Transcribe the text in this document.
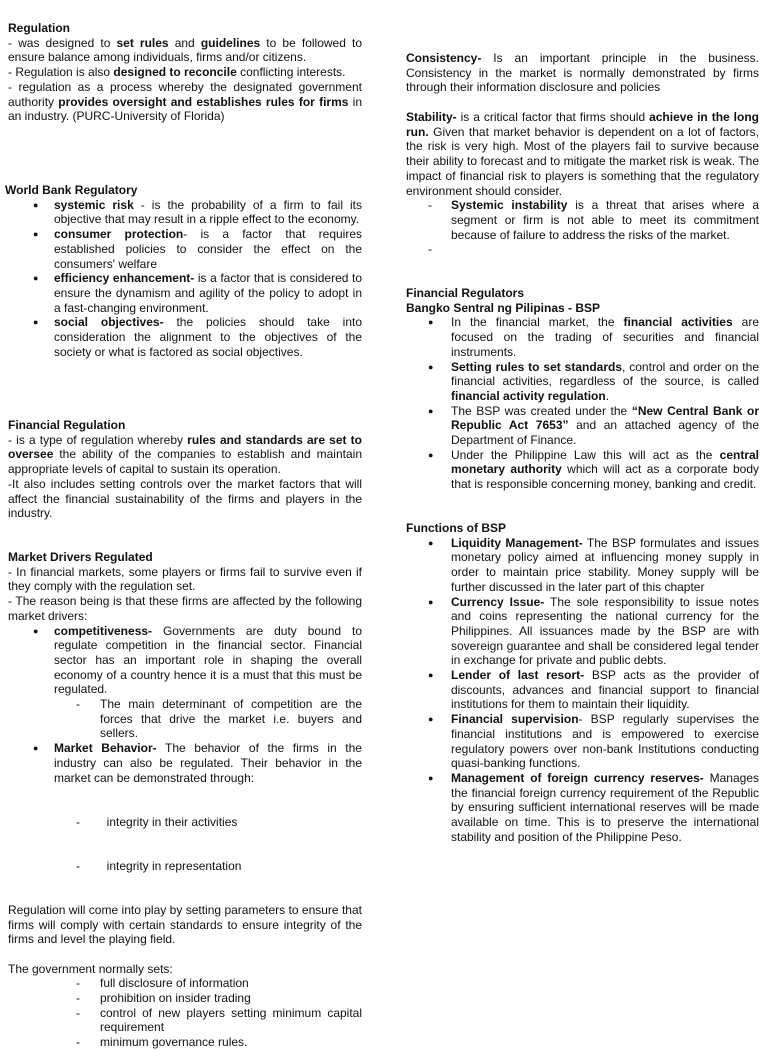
Regulation

- was designed to set rules and guidelines to be followed to ensure balance among individuals, firms and/or citizens.

- Regulation is also designed to reconcile conflicting interests.

- regulation as a process whereby the designated government authority provides oversight and establishes rules for firms in an industry. (PURC-University of Florida)

World Bank Regulatory
● systemic risk - is the probability of a firm to fail its objective that may result in a ripple effect to the economy.
● consumer protection- is a factor that requires established policies to consider the effect on the consumers' welfare
● efficiency enhancement- is a factor that is considered to ensure the dynamism and agility of the policy to adopt in a fast-changing environment.
● social objectives- the policies should take into consideration the alignment to the objectives of the society or what is factored as social objectives.
Financial Regulation

- is a type of regulation whereby rules and standards are set to oversee the ability of the companies to establish and maintain appropriate levels of capital to sustain its operation.

-It also includes setting controls over the market factors that will affect the financial sustainability of the firms and players in the industry.

Market Drivers Regulated

- In financial markets, some players or firms fail to survive even if they comply with the regulation set.

- The reason being is that these firms are affected by the following market drivers:

● competitiveness- Governments are duty bound to regulate competition in the financial sector. Financial sector has an important role in shaping the overall economy of a country hence it is a must that this must be regulated.
- The main determinant of competition are the forces that drive the market i.e. buyers and sellers.
● Market Behavior- The behavior of the firms in the industry can also be regulated. Their behavior in the market can be demonstrated through:

-   integrity in their activities

-   integrity in representation

Regulation will come into play by setting parameters to ensure that firms will comply with certain standards to ensure integrity of the firms and level the playing field.

The government normally sets:

- full disclosure of information
- prohibition on insider trading
- control of new players setting minimum capital requirement
- minimum governance rules.

Consistency- Is an important principle in the business. Consistency in the market is normally demonstrated by firms through their information disclosure and policies

Stability- is a critical factor that firms should achieve in the long run. Given that market behavior is dependent on a lot of factors, the risk is very high. Most of the players fail to survive because their ability to forecast and to mitigate the market risk is weak. The impact of financial risk to players is something that the regulatory environment should consider.

- Systemic instability is a threat that arises where a segment or firm is not able to meet its commitment because of failure to address the risks of the market.
-
Financial Regulators
Bangko Sentral ng Pilipinas - BSP
● In the financial market, the financial activities are focused on the trading of securities and financial instruments.
● Setting rules to set standards, control and order on the financial activities, regardless of the source, is called financial activity regulation.
● The BSP was created under the “New Central Bank or Republic Act 7653” and an attached agency of the Department of Finance.
● Under the Philippine Law this will act as the central monetary authority which will act as a corporate body that is responsible concerning money, banking and credit.
Functions of BSP
● Liquidity Management- The BSP formulates and issues monetary policy aimed at influencing money supply in order to maintain price stability. Money supply will be further discussed in the later part of this chapter
● Currency Issue- The sole responsibility to issue notes and coins representing the national currency for the Philippines. All issuances made by the BSP are with sovereign guarantee and shall be considered legal tender in exchange for private and public debts.
● Lender of last resort- BSP acts as the provider of discounts, advances and financial support to financial institutions for them to maintain their liquidity.
● Financial supervision- BSP regularly supervises the financial institutions and is empowered to exercise regulatory powers over non-bank Institutions conducting quasi-banking functions.
● Management of foreign currency reserves- Manages the financial foreign currency requirement of the Republic by ensuring sufficient international reserves will be made available on time. This is to preserve the international stability and position of the Philippine Peso.
